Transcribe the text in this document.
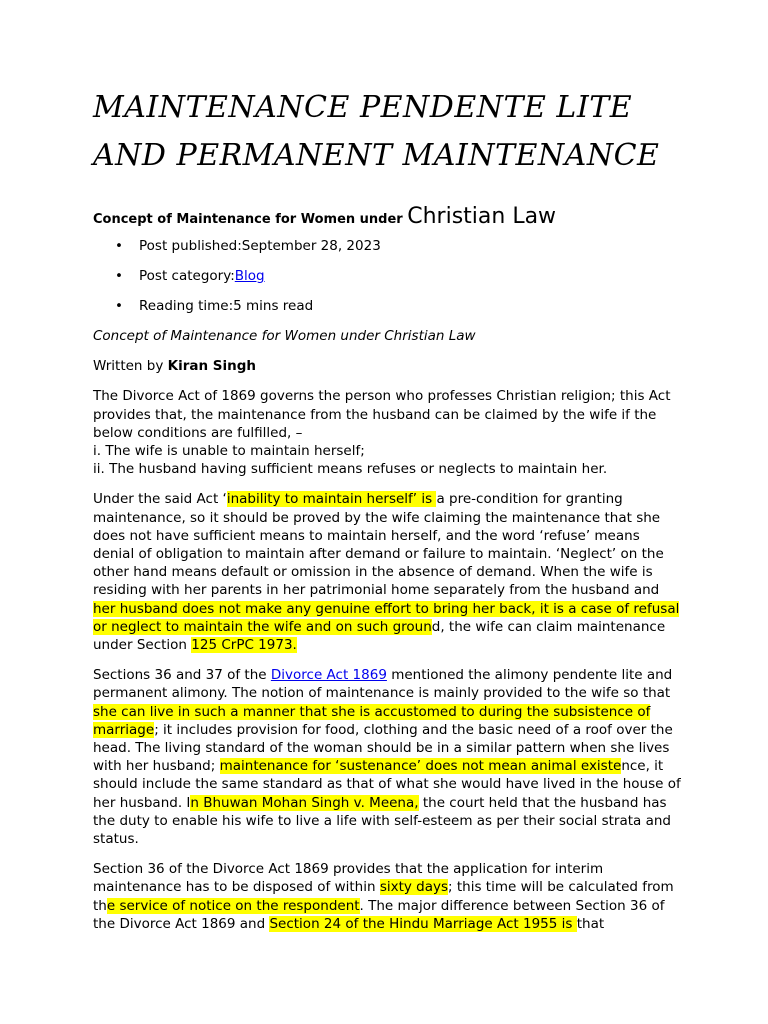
MAINTENANCE PENDENTE LITE
AND PERMANENT MAINTENANCE
Concept of Maintenance for Women under Christian Law
• Post published:September 28, 2023
• Post category:Blog
• Reading time:5 mins read

Concept of Maintenance for Women under Christian Law

Written by Kiran Singh

The Divorce Act of 1869 governs the person who professes Christian religion; this Act provides that, the maintenance from the husband can be claimed by the wife if the below conditions are fulfilled, –
i. The wife is unable to maintain herself;
ii. The husband having sufficient means refuses or neglects to maintain her.

Under the said Act ‘inability to maintain herself’ is a pre-condition for granting maintenance, so it should be proved by the wife claiming the maintenance that she does not have sufficient means to maintain herself, and the word ‘refuse’ means denial of obligation to maintain after demand or failure to maintain. ‘Neglect’ on the other hand means default or omission in the absence of demand. When the wife is residing with her parents in her patrimonial home separately from the husband and her husband does not make any genuine effort to bring her back, it is a case of refusal or neglect to maintain the wife and on such ground, the wife can claim maintenance under Section 125 CrPC 1973.

Sections 36 and 37 of the Divorce Act 1869 mentioned the alimony pendente lite and permanent alimony. The notion of maintenance is mainly provided to the wife so that she can live in such a manner that she is accustomed to during the subsistence of marriage; it includes provision for food, clothing and the basic need of a roof over the head. The living standard of the woman should be in a similar pattern when she lives with her husband; maintenance for ‘sustenance’ does not mean animal existence, it should include the same standard as that of what she would have lived in the house of her husband. In Bhuwan Mohan Singh v. Meena, the court held that the husband has the duty to enable his wife to live a life with self-esteem as per their social strata and status.

Section 36 of the Divorce Act 1869 provides that the application for interim maintenance has to be disposed of within sixty days; this time will be calculated from the service of notice on the respondent. The major difference between Section 36 of the Divorce Act 1869 and Section 24 of the Hindu Marriage Act 1955 is that
